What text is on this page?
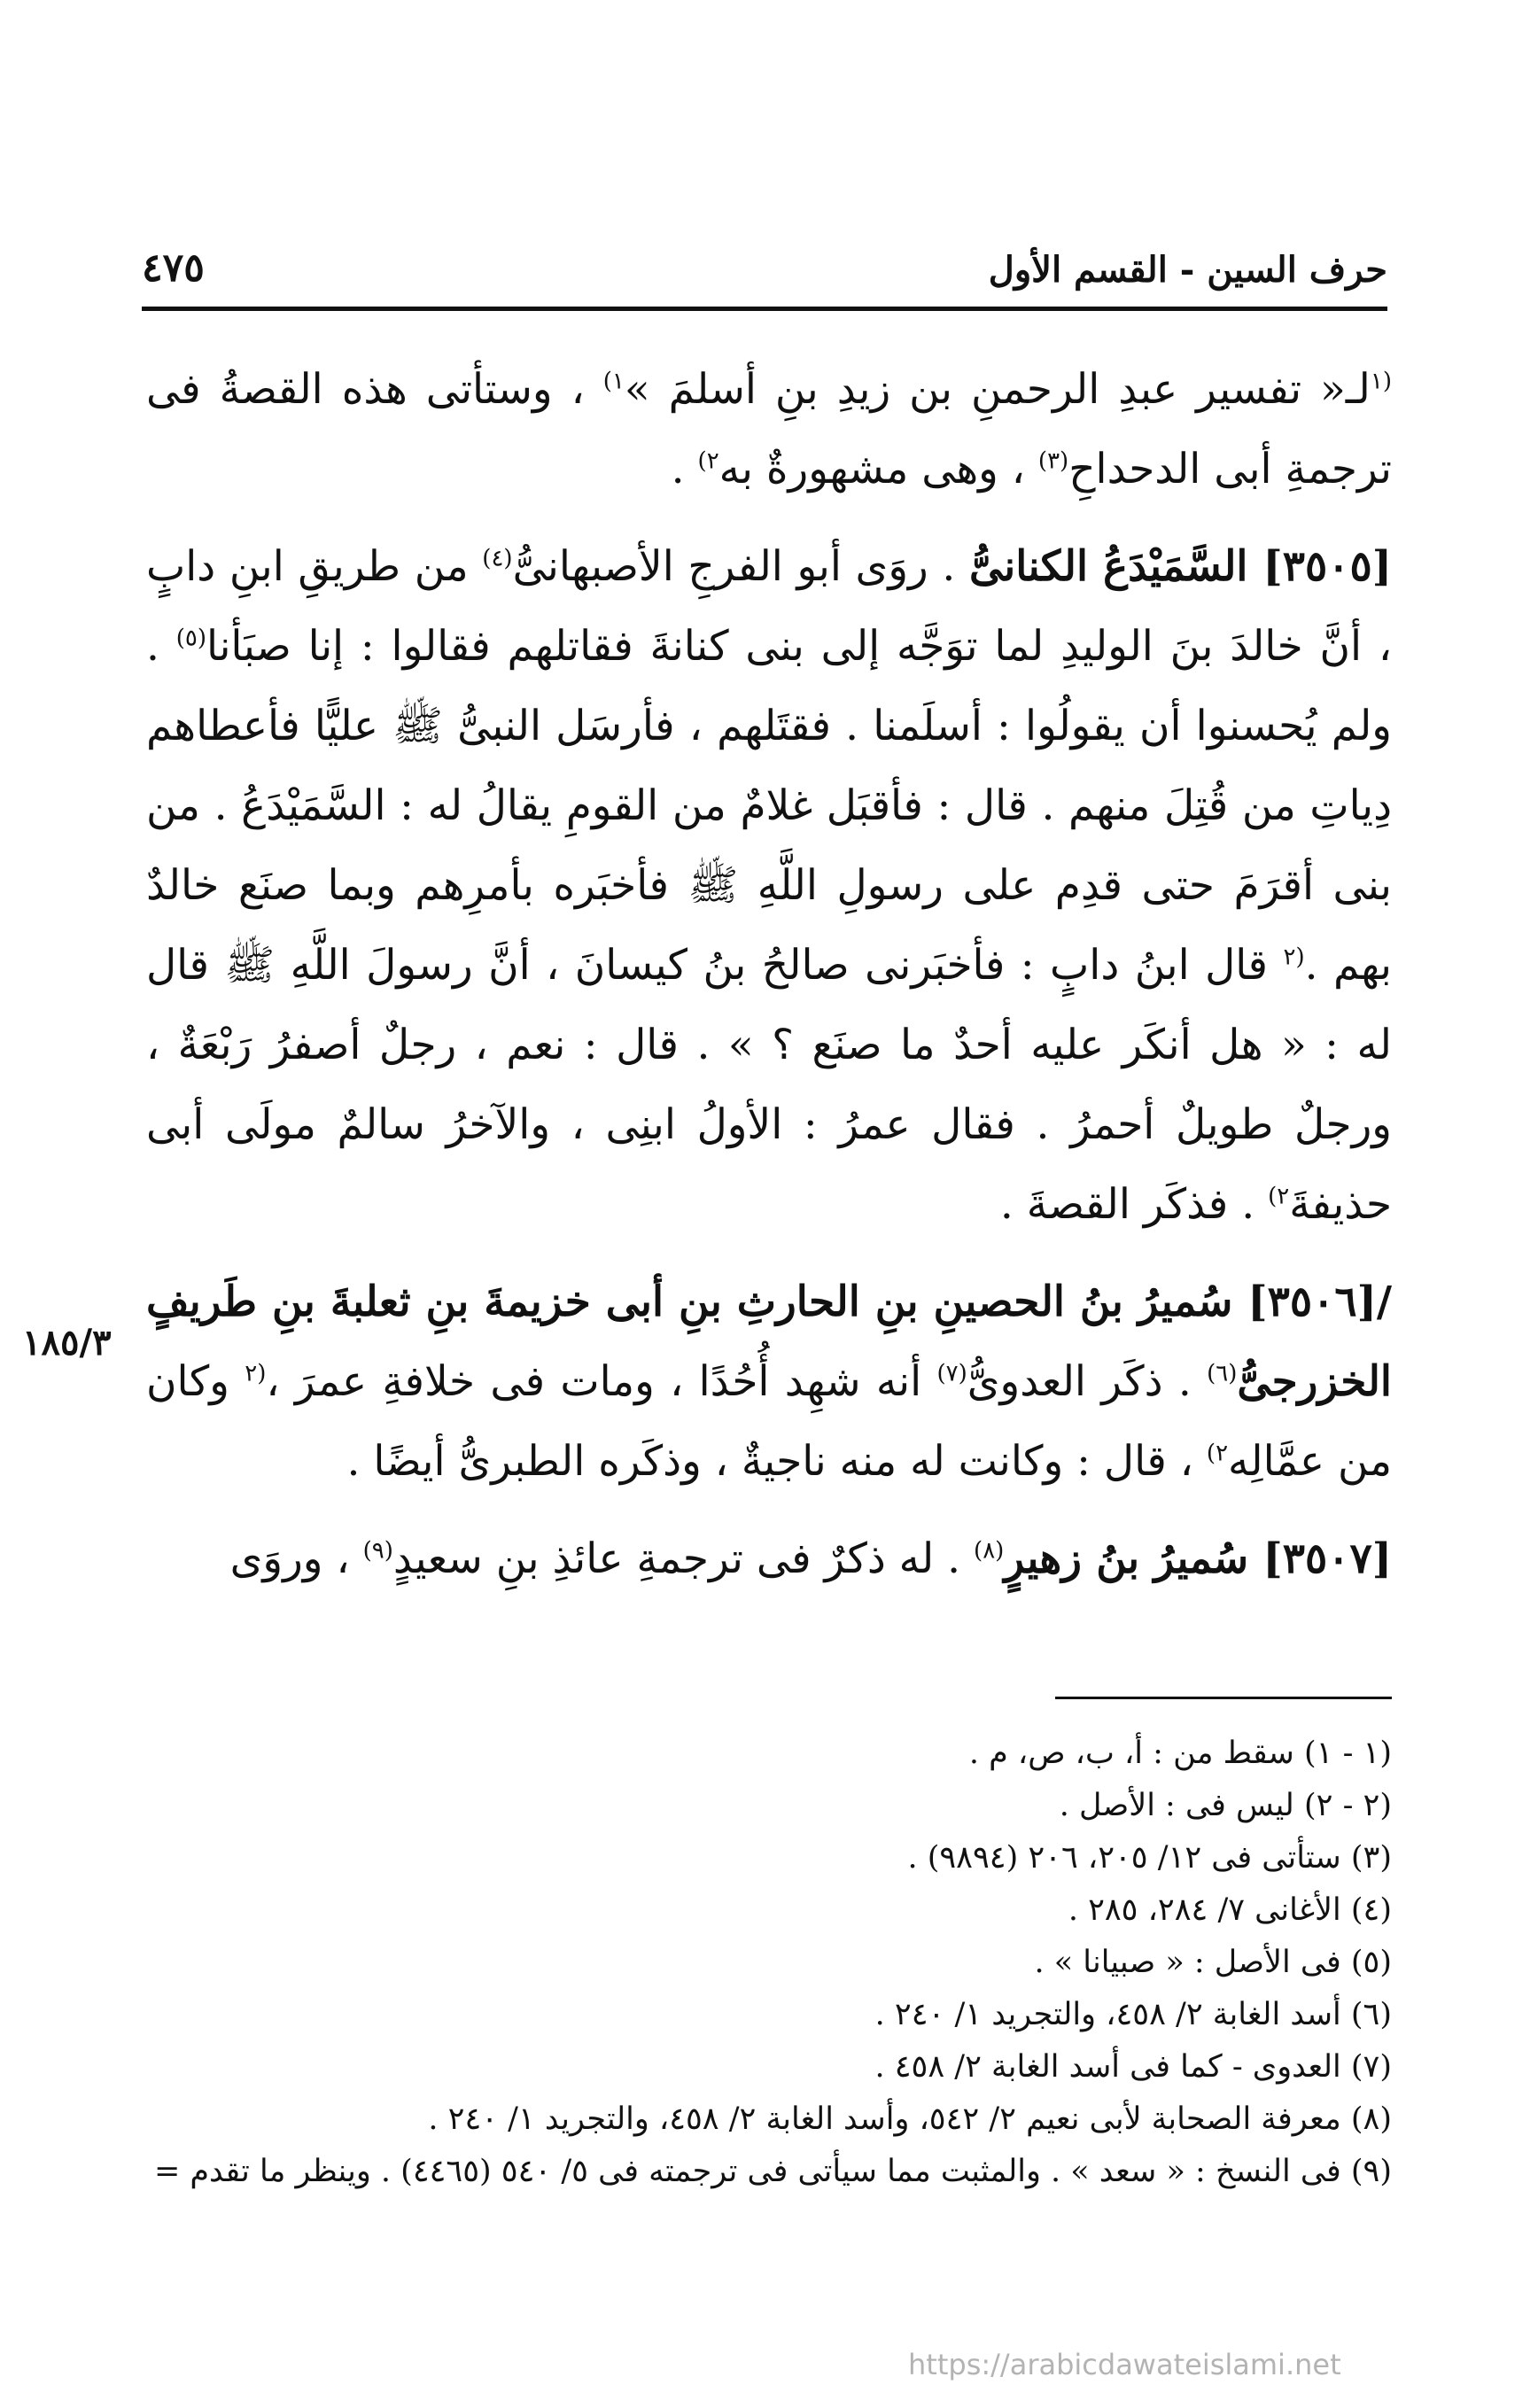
حرف السين - القسم الأول
٤٧٥

$^{(١}$لـ« تفسير عبدِ الرحمنِ بن زيدِ بنِ أسلمَ »$^{١)}$ ، وستأتى هذه القصةُ فى ترجمةِ أبى الدحداحِ$^{(٣)}$ ، وهى مشهورةٌ به$^{٢)}$ .

[٣٥٠٥] السَّمَيْدَعُ الكنانىُّ . روَى أبو الفرجِ الأصبهانىُّ$^{(٤)}$ من طريقِ ابنِ دابٍ ، أنَّ خالدَ بنَ الوليدِ لما توَجَّه إلى بنى كنانةَ فقاتلهم فقالوا : إنا صبَأنا$^{(٥)}$ . ولم يُحسنوا أن يقولُوا : أسلَمنا . فقتَلهم ، فأرسَل النبىُّ ﷺ عليًّا فأعطاهم دِياتِ من قُتِلَ منهم . قال : فأقبَل غلامٌ من القومِ يقالُ له : السَّمَيْدَعُ . من بنى أقرَمَ حتى قدِم على رسولِ اللَّهِ ﷺ فأخبَره بأمرِهم وبما صنَع خالدٌ بهم .$^{(٢}$ قال ابنُ دابٍ : فأخبَرنى صالحُ بنُ كيسانَ ، أنَّ رسولَ اللَّهِ ﷺ قال له : « هل أنكَر عليه أحدٌ ما صنَع ؟ » . قال : نعم ، رجلٌ أصفرُ رَبْعَةٌ ، ورجلٌ طويلٌ أحمرُ . فقال عمرُ : الأولُ ابنِى ، والآخرُ سالمٌ مولَى أبى حذيفةَ$^{٢)}$ . فذكَر القصةَ .

/[٣٥٠٦] سُميرُ بنُ الحصينِ بنِ الحارثِ بنِ أبى خزيمةَ بنِ ثعلبةَ بنِ طَريفٍ الخزرجىُّ$^{(٦)}$ . ذكَر العدوىُّ$^{(٧)}$ أنه شهِد أُحُدًا ، ومات فى خلافةِ عمرَ ،$^{(٢}$ وكان من عمَّالِه$^{٢)}$ ، قال : وكانت له منه ناجيةٌ ، وذكَره الطبرىُّ أيضًا .

[٣٥٠٧] سُميرُ بنُ زهيرٍ$^{(٨)}$ . له ذكرٌ فى ترجمةِ عائذِ بنِ سعيدٍ$^{(٩)}$ ، وروَى

١٨٥/٣

(١ - ١) سقط من : أ، ب، ص، م .

(٢ - ٢) ليس فى : الأصل .

(٣) ستأتى فى ١٢/ ٢٠٥، ٢٠٦ (٩٨٩٤) .

(٤) الأغانى ٧/ ٢٨٤، ٢٨٥ .

(٥) فى الأصل : « صبيانا » .

(٦) أسد الغابة ٢/ ٤٥٨، والتجريد ١/ ٢٤٠ .

(٧) العدوى - كما فى أسد الغابة ٢/ ٤٥٨ .

(٨) معرفة الصحابة لأبى نعيم ٢/ ٥٤٢، وأسد الغابة ٢/ ٤٥٨، والتجريد ١/ ٢٤٠ .

(٩) فى النسخ : « سعد » . والمثبت مما سيأتى فى ترجمته فى ٥/ ٥٤٠ (٤٤٦٥) . وينظر ما تقدم =

https://arabicdawateislami.net
